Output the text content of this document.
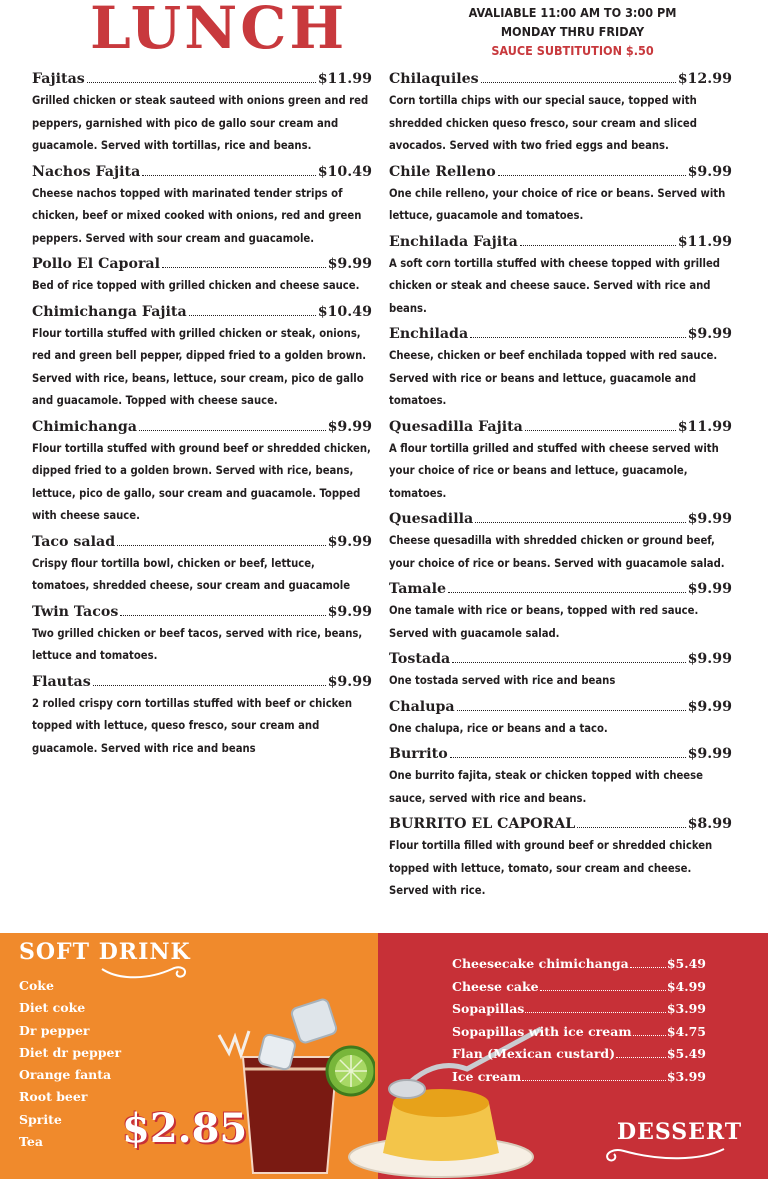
LUNCH	AVALIABLE 11:00 AM TO 3:00 PM
MONDAY THRU FRIDAY
SAUCE SUBTITUTION $.50
Fajitas	$11.99
Grilled chicken or steak sauteed with onions green and red peppers, garnished with pico de gallo sour cream and guacamole. Served with tortillas, rice and beans.
Nachos Fajita	$10.49
Cheese nachos topped with marinated tender strips of chicken, beef or mixed cooked with onions, red and green peppers. Served with sour cream and guacamole.
Pollo El Caporal	$9.99
Bed of rice topped with grilled chicken and cheese sauce.
Chimichanga Fajita	$10.49
Flour tortilla stuffed with grilled chicken or steak, onions, red and green bell pepper, dipped fried to a golden brown. Served with rice, beans, lettuce, sour cream, pico de gallo and guacamole. Topped with cheese sauce.
Chimichanga	$9.99
Flour tortilla stuffed with ground beef or shredded chicken, dipped fried to a golden brown. Served with rice, beans, lettuce, pico de gallo, sour cream and guacamole. Topped with cheese sauce.
Taco salad	$9.99
Crispy flour tortilla bowl, chicken or beef, lettuce, tomatoes, shredded cheese, sour cream and guacamole
Twin Tacos	$9.99
Two grilled chicken or beef tacos, served with rice, beans, lettuce and tomatoes.
Flautas	$9.99
2 rolled crispy corn tortillas stuffed with beef or chicken topped with lettuce, queso fresco, sour cream and guacamole. Served with rice and beans
Chilaquiles	$12.99
Corn tortilla chips with our special sauce, topped with shredded chicken queso fresco, sour cream and sliced avocados. Served with two fried eggs and beans.
Chile Relleno	$9.99
One chile relleno, your choice of rice or beans. Served with lettuce, guacamole and tomatoes.
Enchilada Fajita	$11.99
A soft corn tortilla stuffed with cheese topped with grilled chicken or steak and cheese sauce. Served with rice and beans.
Enchilada	$9.99
Cheese, chicken or beef enchilada topped with red sauce. Served with rice or beans and lettuce, guacamole and tomatoes.
Quesadilla Fajita	$11.99
A flour tortilla grilled and stuffed with cheese served with your choice of rice or beans and lettuce, guacamole, tomatoes.
Quesadilla	$9.99
Cheese quesadilla with shredded chicken or ground beef, your choice of rice or beans. Served with guacamole salad.
Tamale	$9.99
One tamale with rice or beans, topped with red sauce. Served with guacamole salad.
Tostada	$9.99
One tostada served with rice and beans
Chalupa	$9.99
One chalupa, rice or beans and a taco.
Burrito	$9.99
One burrito fajita, steak or chicken topped with cheese sauce, served with rice and beans.
BURRITO EL CAPORAL	$8.99
Flour tortilla filled with ground beef or shredded chicken topped with lettuce, tomato, sour cream and cheese. Served with rice.
SOFT DRINK
Coke
Diet coke
Dr pepper
Diet dr pepper
Orange fanta
Root beer
Sprite
Tea	$2.85
Cheesecake chimichanga	$5.49
Cheese cake	$4.99
Sopapillas	$3.99
Sopapillas with ice cream	$4.75
Flan (Mexican custard)	$5.49
Ice cream	$3.99
DESSERT
